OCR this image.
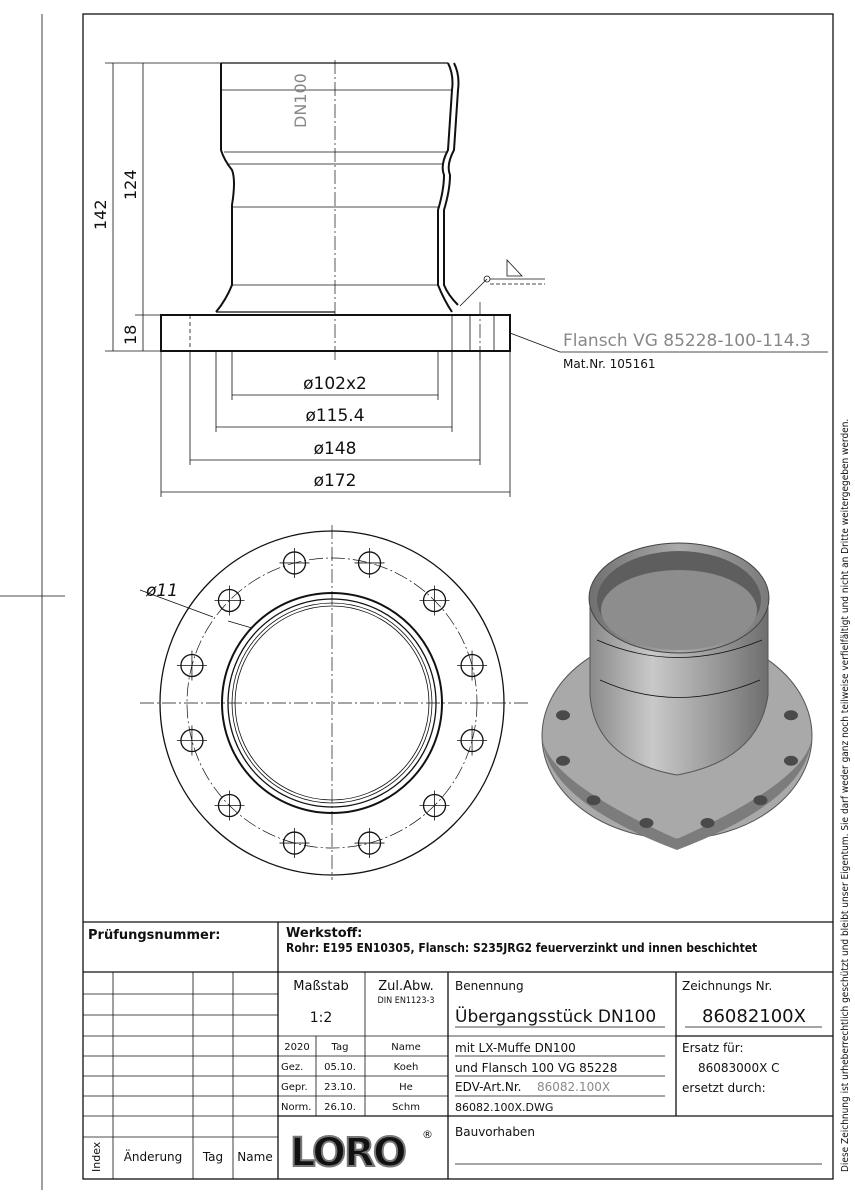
Diese Zeichnung ist urheberrechtlich geschützt und bleibt unser Eigentum. Sie darf weder ganz noch teilweise verfielfältigt und nicht an Dritte weitergegeben werden.
DN100
Flansch VG 85228-100-114.3
Mat.Nr. 105161
142
124
18
ø102x2
ø115.4
ø148
ø172
ø11
Prüfungsnummer:	Werkstoff:
Rohr: E195 EN10305, Flansch: S235JRG2 feuerverzinkt und innen beschichtet
Index Änderung Tag Name
Maßstab
1:2
Zul.Abw.
DIN EN1123-3
2020 Tag	Name
Gez. 05.10.	Koeh
Gepr. 23.10.	He
Norm. 26.10.	Schm
Benennung
Übergangsstück DN100
mit LX-Muffe DN100
und Flansch 100 VG 85228
EDV-Art.Nr. 86082.100X
86082.100X.DWG
Zeichnungs Nr.
86082100X
Ersatz für:
86083000X C
ersetzt durch:
Bauvorhaben
LORO ®
